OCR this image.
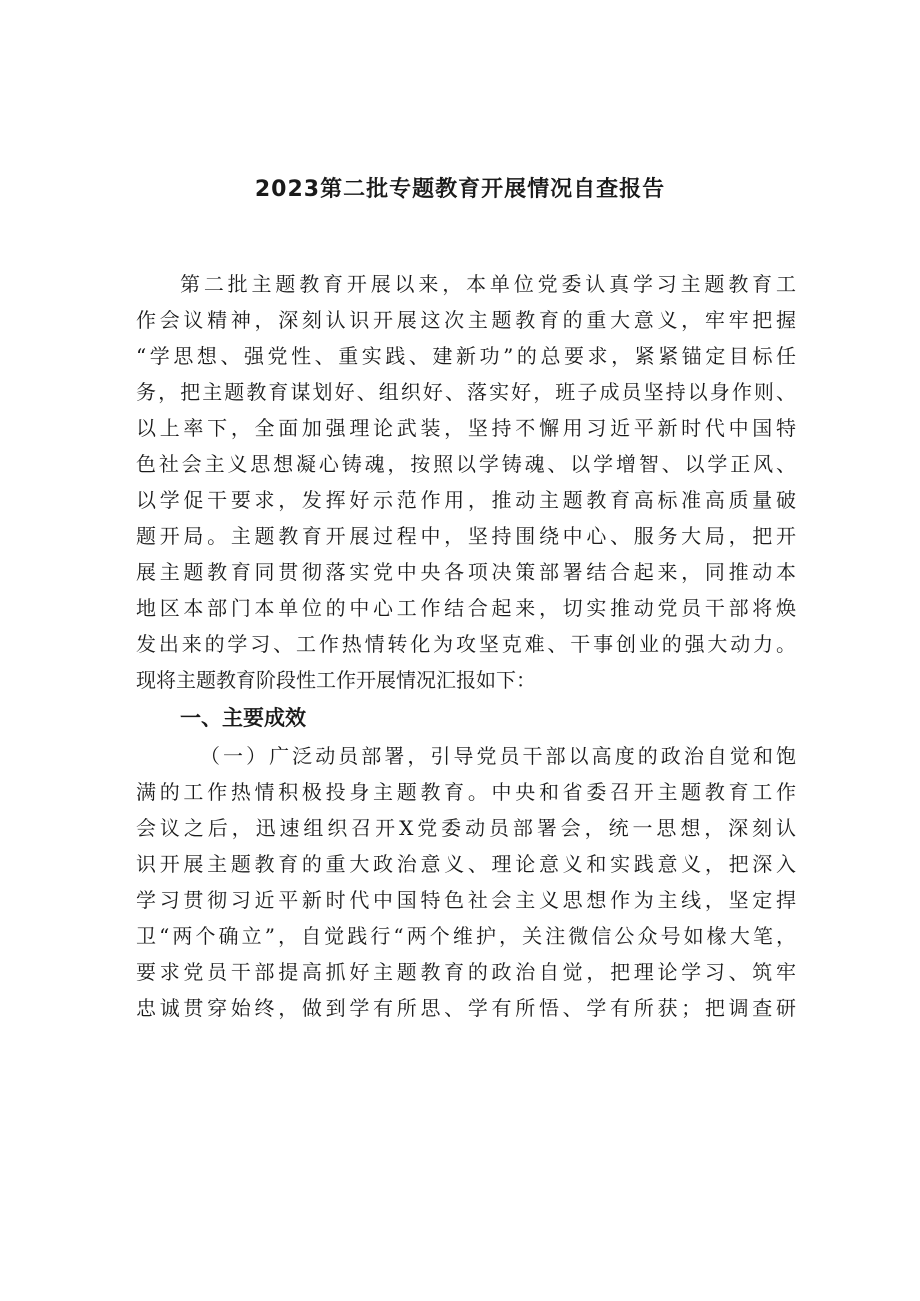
2023第二批专题教育开展情况自查报告
第二批主题教育开展以来，本单位党委认真学习主题教育工
作会议精神，深刻认识开展这次主题教育的重大意义，牢牢把握
“学思想、强党性、重实践、建新功”的总要求，紧紧锚定目标任
务，把主题教育谋划好、组织好、落实好，班子成员坚持以身作则、
以上率下，全面加强理论武装，坚持不懈用习近平新时代中国特
色社会主义思想凝心铸魂，按照以学铸魂、以学增智、以学正风、
以学促干要求，发挥好示范作用，推动主题教育高标准高质量破
题开局。主题教育开展过程中，坚持围绕中心、服务大局，把开
展主题教育同贯彻落实党中央各项决策部署结合起来，同推动本
地区本部门本单位的中心工作结合起来，切实推动党员干部将焕
发出来的学习、工作热情转化为攻坚克难、干事创业的强大动力。
现将主题教育阶段性工作开展情况汇报如下：
一、主要成效
（一）广泛动员部署，引导党员干部以高度的政治自觉和饱
满的工作热情积极投身主题教育。中央和省委召开主题教育工作
会议之后，迅速组织召开X党委动员部署会，统一思想，深刻认
识开展主题教育的重大政治意义、理论意义和实践意义，把深入
学习贯彻习近平新时代中国特色社会主义思想作为主线，坚定捍
卫“两个确立”，自觉践行“两个维护，关注微信公众号如椽大笔，
要求党员干部提高抓好主题教育的政治自觉，把理论学习、筑牢
忠诚贯穿始终，做到学有所思、学有所悟、学有所获；把调查研
